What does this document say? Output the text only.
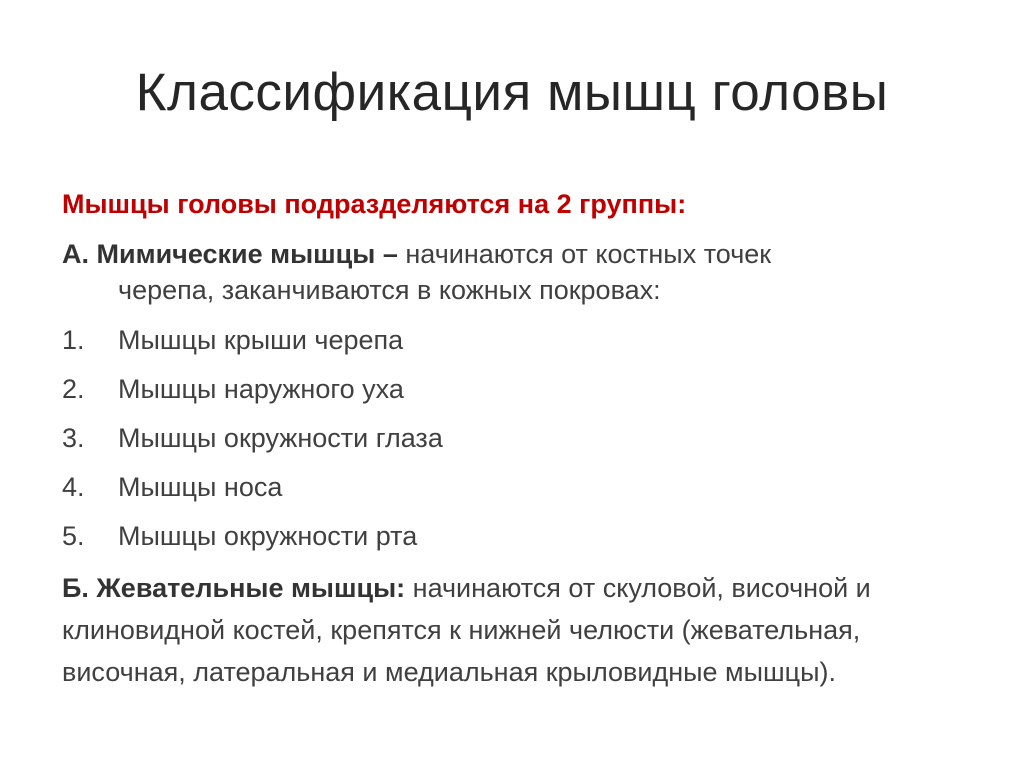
Классификация мышц головы

Мышцы головы подразделяются на 2 группы:

А. Мимические мышцы – начинаются от костных точек
черепа, заканчиваются в кожных покровах:

1.	Мышцы крыши черепа
2.	Мышцы наружного уха
3.	Мышцы окружности глаза
4.	Мышцы носа
5.	Мышцы окружности рта

Б. Жевательные мышцы: начинаются от скуловой, височной и клиновидной костей, крепятся к нижней челюсти (жевательная, височная, латеральная и медиальная крыловидные мышцы).
